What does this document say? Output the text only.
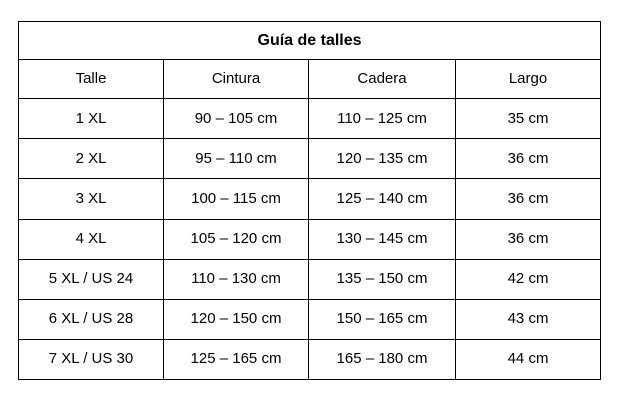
Guía de talles			
Talle	Cintura	Cadera	Largo
1 XL	90 – 105 cm	110 – 125 cm	35 cm
2 XL	95 – 110 cm	120 – 135 cm	36 cm
3 XL	100 – 115 cm	125 – 140 cm	36 cm
4 XL	105 – 120 cm	130 – 145 cm	36 cm
5 XL / US 24	110 – 130 cm	135 – 150 cm	42 cm
6 XL / US 28	120 – 150 cm	150 – 165 cm	43 cm
7 XL / US 30	125 – 165 cm	165 – 180 cm	44 cm
